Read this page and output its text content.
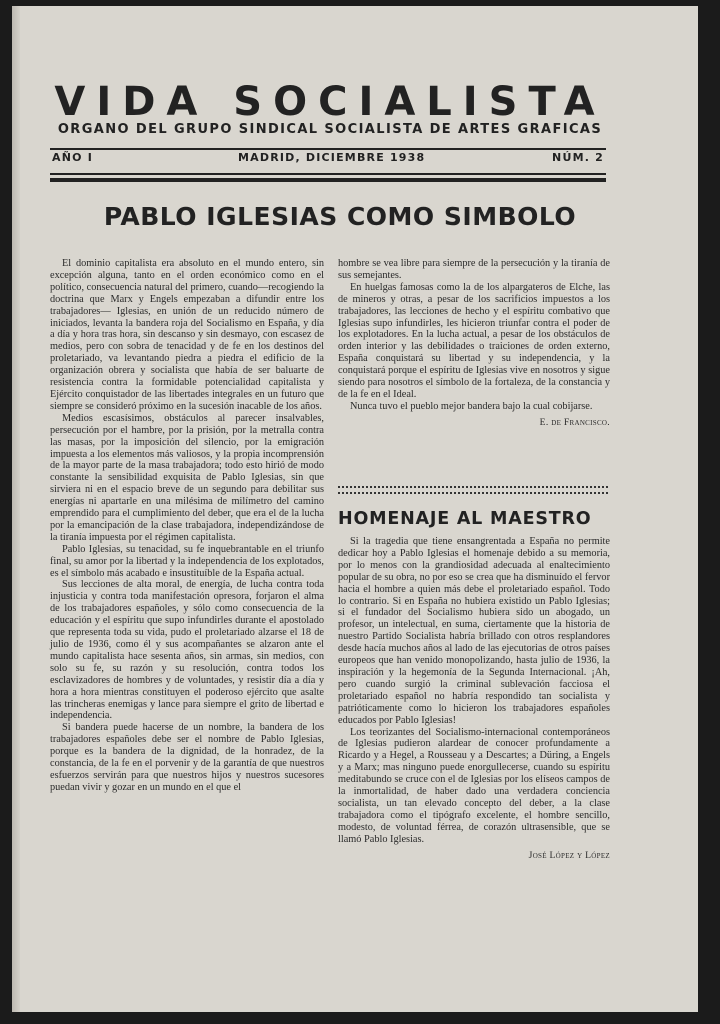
VIDA SOCIALISTA
ORGANO DEL GRUPO SINDICAL SOCIALISTA DE ARTES GRAFICAS
AÑO I	MADRID, DICIEMBRE 1938	NÚM. 2
PABLO IGLESIAS COMO SIMBOLO

El dominio capitalista era absoluto en el mundo entero, sin excepción alguna, tanto en el orden económico como en el político, consecuencia natural del primero, cuando—recogiendo la doctrina que Marx y Engels empezaban a difundir entre los trabajadores— Iglesias, en unión de un reducido número de iniciados, levanta la bandera roja del Socialismo en España, y día a día y hora tras hora, sin descanso y sin desmayo, con escasez de medios, pero con sobra de tenacidad y de fe en los destinos del proletariado, va levantando piedra a piedra el edificio de la organización obrera y socialista que había de ser baluarte de resistencia contra la formidable potencialidad capitalista y Ejército conquistador de las libertades integrales en un futuro que siempre se consideró próximo en la sucesión inacable de los años.

Medios escasísimos, obstáculos al parecer insalvables, persecución por el hambre, por la prisión, por la metralla contra las masas, por la imposición del silencio, por la emigración impuesta a los elementos más valiosos, y la propia incomprensión de la mayor parte de la masa trabajadora; todo esto hirió de modo constante la sensibilidad exquisita de Pablo Iglesias, sin que sirviera ni en el espacio breve de un segundo para debilitar sus energías ni apartarle en una milésima de milímetro del camino emprendido para el cumplimiento del deber, que era el de la lucha por la emancipación de la clase trabajadora, independizándose de la tiranía impuesta por el régimen capitalista.

Pablo Iglesias, su tenacidad, su fe inquebrantable en el triunfo final, su amor por la libertad y la independencia de los explotados, es el símbolo más acabado e insustituíble de la España actual.

Sus lecciones de alta moral, de energía, de lucha contra toda injusticia y contra toda manifestación opresora, forjaron el alma de los trabajadores españoles, y sólo como consecuencia de la educación y el espíritu que supo infundirles durante el apostolado que representa toda su vida, pudo el proletariado alzarse el 18 de julio de 1936, como él y sus acompañantes se alzaron ante el mundo capitalista hace sesenta años, sin armas, sin medios, con solo su fe, su razón y su resolución, contra todos los esclavizadores de hombres y de voluntades, y resistir día a día y hora a hora mientras constituyen el poderoso ejército que asalte las trincheras enemigas y lance para siempre el grito de libertad e independencia.

Si bandera puede hacerse de un nombre, la bandera de los trabajadores españoles debe ser el nombre de Pablo Iglesias, porque es la bandera de la dignidad, de la honradez, de la constancia, de la fe en el porvenir y de la garantía de que nuestros esfuerzos servirán para que nuestros hijos y nuestros sucesores puedan vivir y gozar en un mundo en el que el

hombre se vea libre para siempre de la persecución y la tiranía de sus semejantes.

En huelgas famosas como la de los alpargateros de Elche, las de mineros y otras, a pesar de los sacrificios impuestos a los trabajadores, las lecciones de hecho y el espíritu combativo que Iglesias supo infundirles, les hicieron triunfar contra el poder de los explotadores. En la lucha actual, a pesar de los obstáculos de orden interior y las debilidades o traiciones de orden externo, España conquistará su libertad y su independencia, y la conquistará porque el espíritu de Iglesias vive en nosotros y sigue siendo para nosotros el símbolo de la fortaleza, de la constancia y de la fe en el Ideal.

Nunca tuvo el pueblo mejor bandera bajo la cual cobijarse.

E. de Francisco.
HOMENAJE AL MAESTRO

Si la tragedia que tiene ensangrentada a España no permite dedicar hoy a Pablo Iglesias el homenaje debido a su memoria, por lo menos con la grandiosidad adecuada al enaltecimiento popular de su obra, no por eso se crea que ha disminuído el fervor hacia el hombre a quien más debe el proletariado español. Todo lo contrario. Si en España no hubiera existido un Pablo Iglesias; si el fundador del Socialismo hubiera sido un abogado, un profesor, un intelectual, en suma, ciertamente que la historia de nuestro Partido Socialista habría brillado con otros resplandores desde hacía muchos años al lado de las ejecutorias de otros países europeos que han venido monopolizando, hasta julio de 1936, la inspiración y la hegemonía de la Segunda Internacional. ¡Ah, pero cuando surgió la criminal sublevación facciosa el proletariado español no habría respondido tan socialista y patrióticamente como lo hicieron los trabajadores españoles educados por Pablo Iglesias!

Los teorizantes del Socialismo-internacional contemporáneos de Iglesias pudieron alardear de conocer profundamente a Ricardo y a Hegel, a Rousseau y a Descartes; a Düring, a Engels y a Marx; mas ninguno puede enorgullecerse, cuando su espíritu meditabundo se cruce con el de Iglesias por los elíseos campos de la inmortalidad, de haber dado una verdadera conciencia socialista, un tan elevado concepto del deber, a la clase trabajadora como el tipógrafo excelente, el hombre sencillo, modesto, de voluntad férrea, de corazón ultrasensible, que se llamó Pablo Iglesias.

José López y López
